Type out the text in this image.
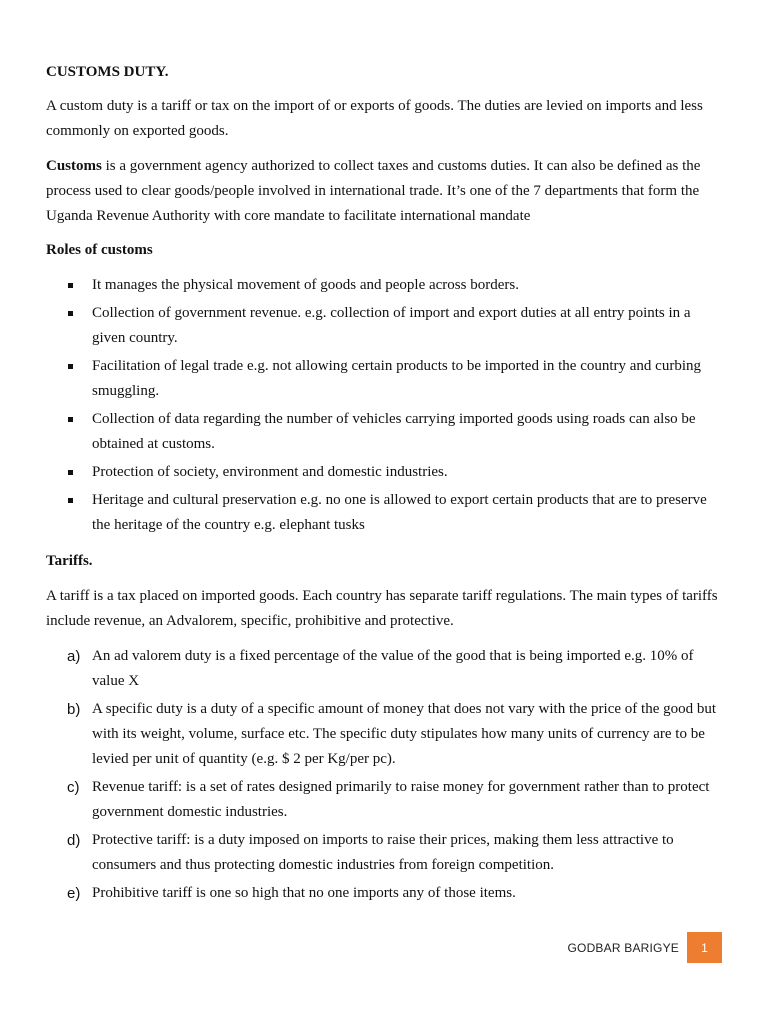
CUSTOMS DUTY.

A custom duty is a tariff or tax on the import of or exports of goods. The duties are levied on imports and less commonly on exported goods.

Customs is a government agency authorized to collect taxes and customs duties. It can also be defined as the process used to clear goods/people involved in international trade. It’s one of the 7 departments that form the Uganda Revenue Authority with core mandate to facilitate international mandate

Roles of customs
It manages the physical movement of goods and people across borders.
Collection of government revenue. e.g. collection of import and export duties at all entry points in a given country.
Facilitation of legal trade e.g. not allowing certain products to be imported in the country and curbing smuggling.
Collection of data regarding the number of vehicles carrying imported goods using roads can also be obtained at customs.
Protection of society, environment and domestic industries.
Heritage and cultural preservation e.g. no one is allowed to export certain products that are to preserve the heritage of the country e.g. elephant tusks
Tariffs.

A tariff is a tax placed on imported goods. Each country has separate tariff regulations. The main types of tariffs include revenue, an Advalorem, specific, prohibitive and protective.

a) An ad valorem duty is a fixed percentage of the value of the good that is being imported e.g. 10% of value X
b) A specific duty is a duty of a specific amount of money that does not vary with the price of the good but with its weight, volume, surface etc. The specific duty stipulates how many units of currency are to be levied per unit of quantity (e.g. $ 2 per Kg/per pc).
c) Revenue tariff: is a set of rates designed primarily to raise money for government rather than to protect government domestic industries.
d) Protective tariff: is a duty imposed on imports to raise their prices, making them less attractive to consumers and thus protecting domestic industries from foreign competition.
e) Prohibitive tariff is one so high that no one imports any of those items.
GODBAR BARIGYE	1
